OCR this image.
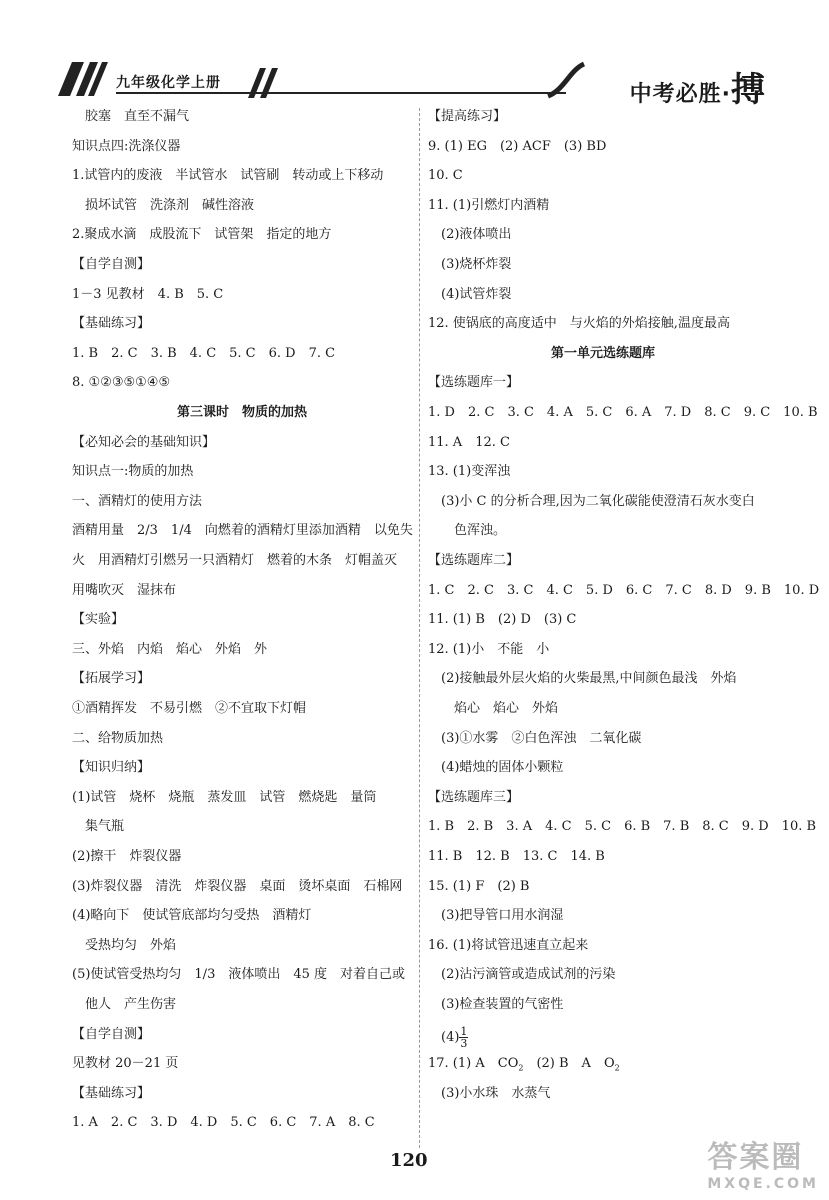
九年级化学上册	中考必胜·搏
胶塞　直至不漏气
知识点四:洗涤仪器
1.试管内的废液　半试管水　试管刷　转动或上下移动
损坏试管　洗涤剂　碱性溶液
2.聚成水滴　成股流下　试管架　指定的地方
【自学自测】
1－3 见教材　4. B　5. C
【基础练习】
1. B　2. C　3. B　4. C　5. C　6. D　7. C
8. ①②③⑤①④⑤
第三课时　物质的加热
【必知必会的基础知识】
知识点一:物质的加热
一、酒精灯的使用方法
酒精用量　2/3　1/4　向燃着的酒精灯里添加酒精　以免失
火　用酒精灯引燃另一只酒精灯　燃着的木条　灯帽盖灭
用嘴吹灭　湿抹布
【实验】
三、外焰　内焰　焰心　外焰　外
【拓展学习】
①酒精挥发　不易引燃　②不宜取下灯帽
二、给物质加热
【知识归纳】
(1)试管　烧杯　烧瓶　蒸发皿　试管　燃烧匙　量筒
集气瓶
(2)擦干　炸裂仪器
(3)炸裂仪器　清洗　炸裂仪器　桌面　烫坏桌面　石棉网
(4)略向下　使试管底部均匀受热　酒精灯
受热均匀　外焰
(5)使试管受热均匀　1/3　液体喷出　45 度　对着自己或
他人　产生伤害
【自学自测】
见教材 20－21 页
【基础练习】
1. A　2. C　3. D　4. D　5. C　6. C　7. A　8. C
【提高练习】
9. (1) EG　(2) ACF　(3) BD
10. C
11. (1)引燃灯内酒精
(2)液体喷出
(3)烧杯炸裂
(4)试管炸裂
12. 使锅底的高度适中　与火焰的外焰接触,温度最高
第一单元选练题库
【选练题库一】
1. D　2. C　3. C　4. A　5. C　6. A　7. D　8. C　9. C　10. B
11. A　12. C
13. (1)变浑浊
(3)小 C 的分析合理,因为二氧化碳能使澄清石灰水变白
色浑浊。
【选练题库二】
1. C　2. C　3. C　4. C　5. D　6. C　7. C　8. D　9. B　10. D
11. (1) B　(2) D　(3) C
12. (1)小　不能　小
(2)接触最外层火焰的火柴最黑,中间颜色最浅　外焰
焰心　焰心　外焰
(3)①水雾　②白色浑浊　二氧化碳
(4)蜡烛的固体小颗粒
【选练题库三】
1. B　2. B　3. A　4. C　5. C　6. B　7. B　8. C　9. D　10. B
11. B　12. B　13. C　14. B
15. (1) F　(2) B
(3)把导管口用水润湿
16. (1)将试管迅速直立起来
(2)沾污滴管或造成试剂的污染
(3)检查装置的气密性
$(4) \frac{1}{3}$
17. (1) A　$CO_2$　(2) B　A　$O_2$
(3)小水珠　水蒸气
120	答案圈
MXQE.COM
